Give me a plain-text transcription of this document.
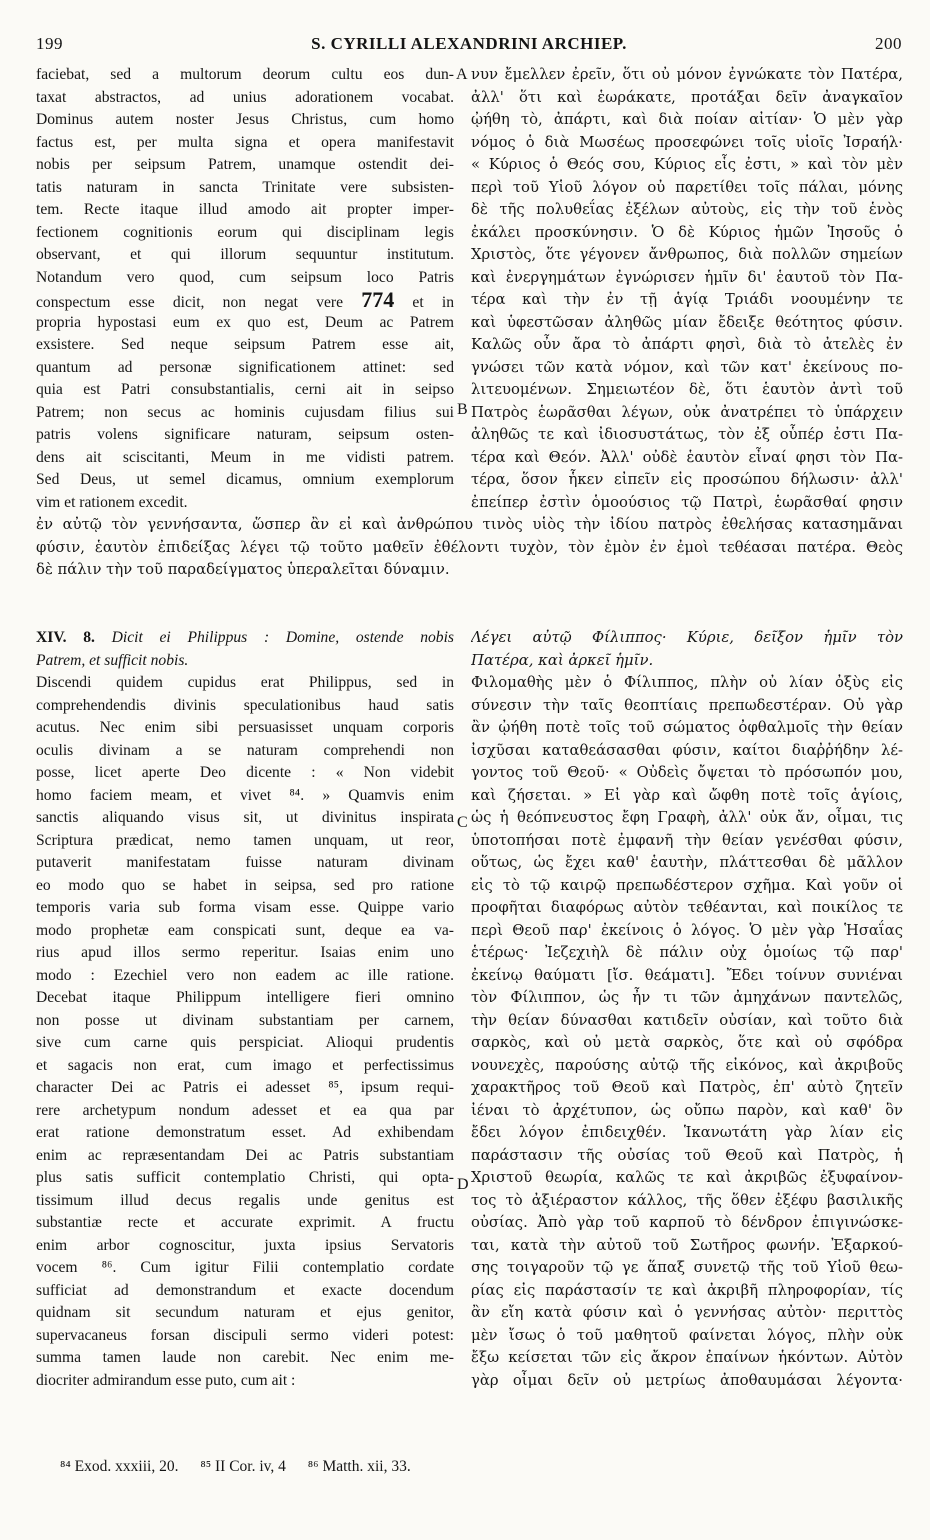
199	S. CYRILLI ALEXANDRINI ARCHIEP.	200
faciebat, sed a multorum deorum cultu eos dun-
taxat abstractos, ad unius adorationem vocabat.
Dominus autem noster Jesus Christus, cum homo
factus est, per multa signa et opera manifestavit
nobis per seipsum Patrem, unamque ostendit dei-
tatis naturam in sancta Trinitate vere subsisten-
tem. Recte itaque illud amodo ait propter imper-
fectionem cognitionis eorum qui disciplinam legis
observant, et qui illorum sequuntur institutum.
Notandum vero quod, cum seipsum loco Patris
conspectum esse dicit, non negat vere 774 et in
propria hypostasi eum ex quo est, Deum ac Patrem
exsistere. Sed neque seipsum Patrem esse ait,
quantum ad personæ significationem attinet: sed
quia est Patri consubstantialis, cerni ait in seipso
Patrem; non secus ac hominis cujusdam filius sui
patris volens significare naturam, seipsum osten-
dens ait sciscitanti, Meum in me vidisti patrem.
Sed Deus, ut semel dicamus, omnium exemplorum
vim et rationem excedit.
νυν ἔμελλεν ἐρεῖν, ὅτι οὐ μόνον ἐγνώκατε τὸν Πατέρα,
ἀλλ' ὅτι καὶ ἑωράκατε, προτάξαι δεῖν ἀναγκαῖον
ᾠήθη τὸ, ἀπάρτι, καὶ διὰ ποίαν αἰτίαν· Ὁ μὲν γὰρ
νόμος ὁ διὰ Μωσέως προσεφώνει τοῖς υἱοῖς Ἰσραήλ·
« Κύριος ὁ Θεός σου, Κύριος εἷς ἐστι, » καὶ τὸν μὲν
περὶ τοῦ Υἱοῦ λόγον οὐ παρετίθει τοῖς πάλαι, μόνης
δὲ τῆς πολυθεΐας ἐξέλων αὐτοὺς, εἰς τὴν τοῦ ἑνὸς
ἐκάλει προσκύνησιν. Ὁ δὲ Κύριος ἡμῶν Ἰησοῦς ὁ
Χριστὸς, ὅτε γέγονεν ἄνθρωπος, διὰ πολλῶν σημείων
καὶ ἐνεργημάτων ἐγνώρισεν ἡμῖν δι' ἑαυτοῦ τὸν Πα-
τέρα καὶ τὴν ἐν τῇ ἁγίᾳ Τριάδι νοουμένην τε
καὶ ὑφεστῶσαν ἀληθῶς μίαν ἔδειξε θεότητος φύσιν.
Καλῶς οὖν ἄρα τὸ ἀπάρτι φησὶ, διὰ τὸ ἀτελὲς ἐν
γνώσει τῶν κατὰ νόμον, καὶ τῶν κατ' ἐκείνους πο-
λιτευομένων. Σημειωτέον δὲ, ὅτι ἑαυτὸν ἀντὶ τοῦ
Πατρὸς ἑωρᾶσθαι λέγων, οὐκ ἀνατρέπει τὸ ὑπάρχειν
ἀληθῶς τε καὶ ἰδιοσυστάτως, τὸν ἐξ οὗπέρ ἐστι Πα-
τέρα καὶ Θεόν. Ἀλλ' οὐδὲ ἑαυτὸν εἶναί φησι τὸν Πα-
τέρα, ὅσον ἧκεν εἰπεῖν εἰς προσώπου δήλωσιν· ἀλλ'
ἐπείπερ ἐστὶν ὁμοούσιος τῷ Πατρὶ, ἑωρᾶσθαί φησιν
A
B
C
D
ἐν αὐτῷ τὸν γεννήσαντα, ὥσπερ ἂν εἰ καὶ ἀνθρώπου τινὸς υἱὸς τὴν ἰδίου πατρὸς ἐθελήσας κατασημᾶναι
φύσιν, ἑαυτὸν ἐπιδείξας λέγει τῷ τοῦτο μαθεῖν ἐθέλοντι τυχὸν, τὸν ἐμὸν ἐν ἐμοὶ τεθέασαι πατέρα. Θεὸς
δὲ πάλιν τὴν τοῦ παραδείγματος ὑπεραλεῖται δύναμιν.
XIV. 8. Dicit ei Philippus : Domine, ostende nobis
Patrem, et sufficit nobis.
Λέγει αὐτῷ Φίλιππος· Κύριε, δεῖξον ἡμῖν τὸν
Πατέρα, καὶ ἀρκεῖ ἡμῖν.
Discendi quidem cupidus erat Philippus, sed in
comprehendendis divinis speculationibus haud satis
acutus. Nec enim sibi persuasisset unquam corporis
oculis divinam a se naturam comprehendi non
posse, licet aperte Deo dicente : « Non videbit
homo faciem meam, et vivet ⁸⁴. » Quamvis enim
sanctis aliquando visus sit, ut divinitus inspirata
Scriptura prædicat, nemo tamen unquam, ut reor,
putaverit manifestatam fuisse naturam divinam
eo modo quo se habet in seipsa, sed pro ratione
temporis varia sub forma visam esse. Quippe vario
modo prophetæ eam conspicati sunt, deque ea va-
rius apud illos sermo reperitur. Isaias enim uno
modo : Ezechiel vero non eadem ac ille ratione.
Decebat itaque Philippum intelligere fieri omnino
non posse ut divinam substantiam per carnem,
sive cum carne quis perspiciat. Alioqui prudentis
et sagacis non erat, cum imago et perfectissimus
character Dei ac Patris ei adesset ⁸⁵, ipsum requi-
rere archetypum nondum adesset et ea qua par
erat ratione demonstratum esset. Ad exhibendam
enim ac repræsentandam Dei ac Patris substantiam
plus satis sufficit contemplatio Christi, qui opta-
tissimum illud decus regalis unde genitus est
substantiæ recte et accurate exprimit. A fructu
enim arbor cognoscitur, juxta ipsius Servatoris
vocem ⁸⁶. Cum igitur Filii contemplatio cordate
sufficiat ad demonstrandum et exacte docendum
quidnam sit secundum naturam et ejus genitor,
supervacaneus forsan discipuli sermo videri potest:
summa tamen laude non carebit. Nec enim me-
diocriter admirandum esse puto, cum ait :
Φιλομαθὴς μὲν ὁ Φίλιππος, πλὴν οὐ λίαν ὀξὺς εἰς
σύνεσιν τὴν ταῖς θεοπτίαις πρεπωδεστέραν. Οὐ γὰρ
ἂν ᾠήθη ποτὲ τοῖς τοῦ σώματος ὀφθαλμοῖς τὴν θείαν
ἰσχῦσαι καταθεάσασθαι φύσιν, καίτοι διαῤῥήδην λέ-
γοντος τοῦ Θεοῦ· « Οὐδεὶς ὄψεται τὸ πρόσωπόν μου,
καὶ ζήσεται. » Εἰ γὰρ καὶ ὤφθη ποτὲ τοῖς ἁγίοις,
ὡς ἡ θεόπνευστος ἔφη Γραφὴ, ἀλλ' οὐκ ἄν, οἶμαι, τις
ὑποτοπήσαι ποτὲ ἐμφανῆ τὴν θείαν γενέσθαι φύσιν,
οὕτως, ὡς ἔχει καθ' ἑαυτὴν, πλάττεσθαι δὲ μᾶλλον
εἰς τὸ τῷ καιρῷ πρεπωδέστερον σχῆμα. Καὶ γοῦν οἱ
προφῆται διαφόρως αὐτὸν τεθέανται, καὶ ποικίλος τε
περὶ Θεοῦ παρ' ἐκείνοις ὁ λόγος. Ὁ μὲν γὰρ Ἡσαΐας
ἑτέρως· Ἰεζεχιὴλ δὲ πάλιν οὐχ ὁμοίως τῷ παρ'
ἐκείνῳ θαύματι [ἴσ. θεάματι]. Ἔδει τοίνυν συνιέναι
τὸν Φίλιππον, ὡς ἦν τι τῶν ἀμηχάνων παντελῶς,
τὴν θείαν δύνασθαι κατιδεῖν οὐσίαν, καὶ τοῦτο διὰ
σαρκὸς, καὶ οὐ μετὰ σαρκὸς, ὅτε καὶ οὐ σφόδρα
νουνεχὲς, παρούσης αὐτῷ τῆς εἰκόνος, καὶ ἀκριβοῦς
χαρακτῆρος τοῦ Θεοῦ καὶ Πατρὸς, ἐπ' αὐτὸ ζητεῖν
ἰέναι τὸ ἀρχέτυπον, ὡς οὔπω παρὸν, καὶ καθ' ὃν
ἔδει λόγον ἐπιδειχθέν. Ἱκανωτάτη γὰρ λίαν εἰς
παράστασιν τῆς οὐσίας τοῦ Θεοῦ καὶ Πατρὸς, ἡ
Χριστοῦ θεωρία, καλῶς τε καὶ ἀκριβῶς ἐξυφαίνον-
τος τὸ ἀξιέραστον κάλλος, τῆς ὅθεν ἐξέφυ βασιλικῆς
οὐσίας. Ἀπὸ γὰρ τοῦ καρποῦ τὸ δένδρον ἐπιγινώσκε-
ται, κατὰ τὴν αὐτοῦ τοῦ Σωτῆρος φωνήν. Ἐξαρκού-
σης τοιγαροῦν τῷ γε ἅπαξ συνετῷ τῆς τοῦ Υἱοῦ θεω-
ρίας εἰς παράστασίν τε καὶ ἀκριβῆ πληροφορίαν, τίς
ἂν εἴη κατὰ φύσιν καὶ ὁ γεννήσας αὐτὸν· περιττὸς
μὲν ἴσως ὁ τοῦ μαθητοῦ φαίνεται λόγος, πλὴν οὐκ
ἔξω κείσεται τῶν εἰς ἄκρον ἐπαίνων ἡκόντων. Αὐτὸν
γὰρ οἶμαι δεῖν οὐ μετρίως ἀποθαυμάσαι λέγοντα·
⁸⁴ Exod. xxxiii, 20. ⁸⁵ II Cor. iv, 4 ⁸⁶ Matth. xii, 33.
